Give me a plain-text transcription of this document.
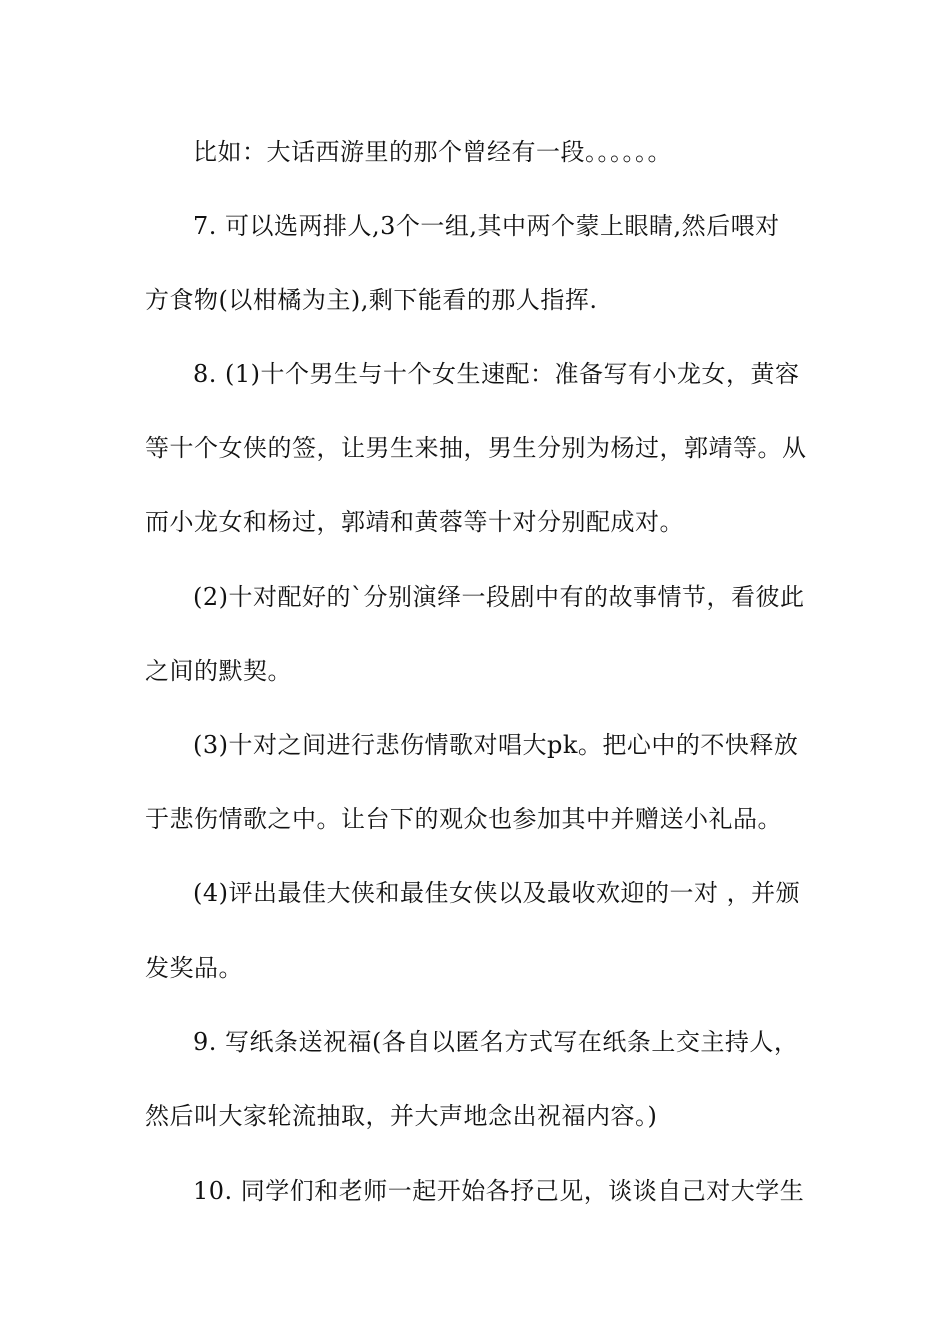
比如：大话西游里的那个曾经有一段。。。。。。
7. 可以选两排人,3个一组,其中两个蒙上眼睛,然后喂对
方食物(以柑橘为主),剩下能看的那人指挥.
8. (1)十个男生与十个女生速配：准备写有小龙女，黄容
等十个女侠的签，让男生来抽，男生分别为杨过，郭靖等。从
而小龙女和杨过，郭靖和黄蓉等十对分别配成对。
(2)十对配好的`分别演绎一段剧中有的故事情节，看彼此
之间的默契。
(3)十对之间进行悲伤情歌对唱大pk。把心中的不快释放
于悲伤情歌之中。让台下的观众也参加其中并赠送小礼品。
(4)评出最佳大侠和最佳女侠以及最收欢迎的一对 ，并颁
发奖品。
9. 写纸条送祝福(各自以匿名方式写在纸条上交主持人，
然后叫大家轮流抽取，并大声地念出祝福内容。)
10. 同学们和老师一起开始各抒己见，谈谈自己对大学生
